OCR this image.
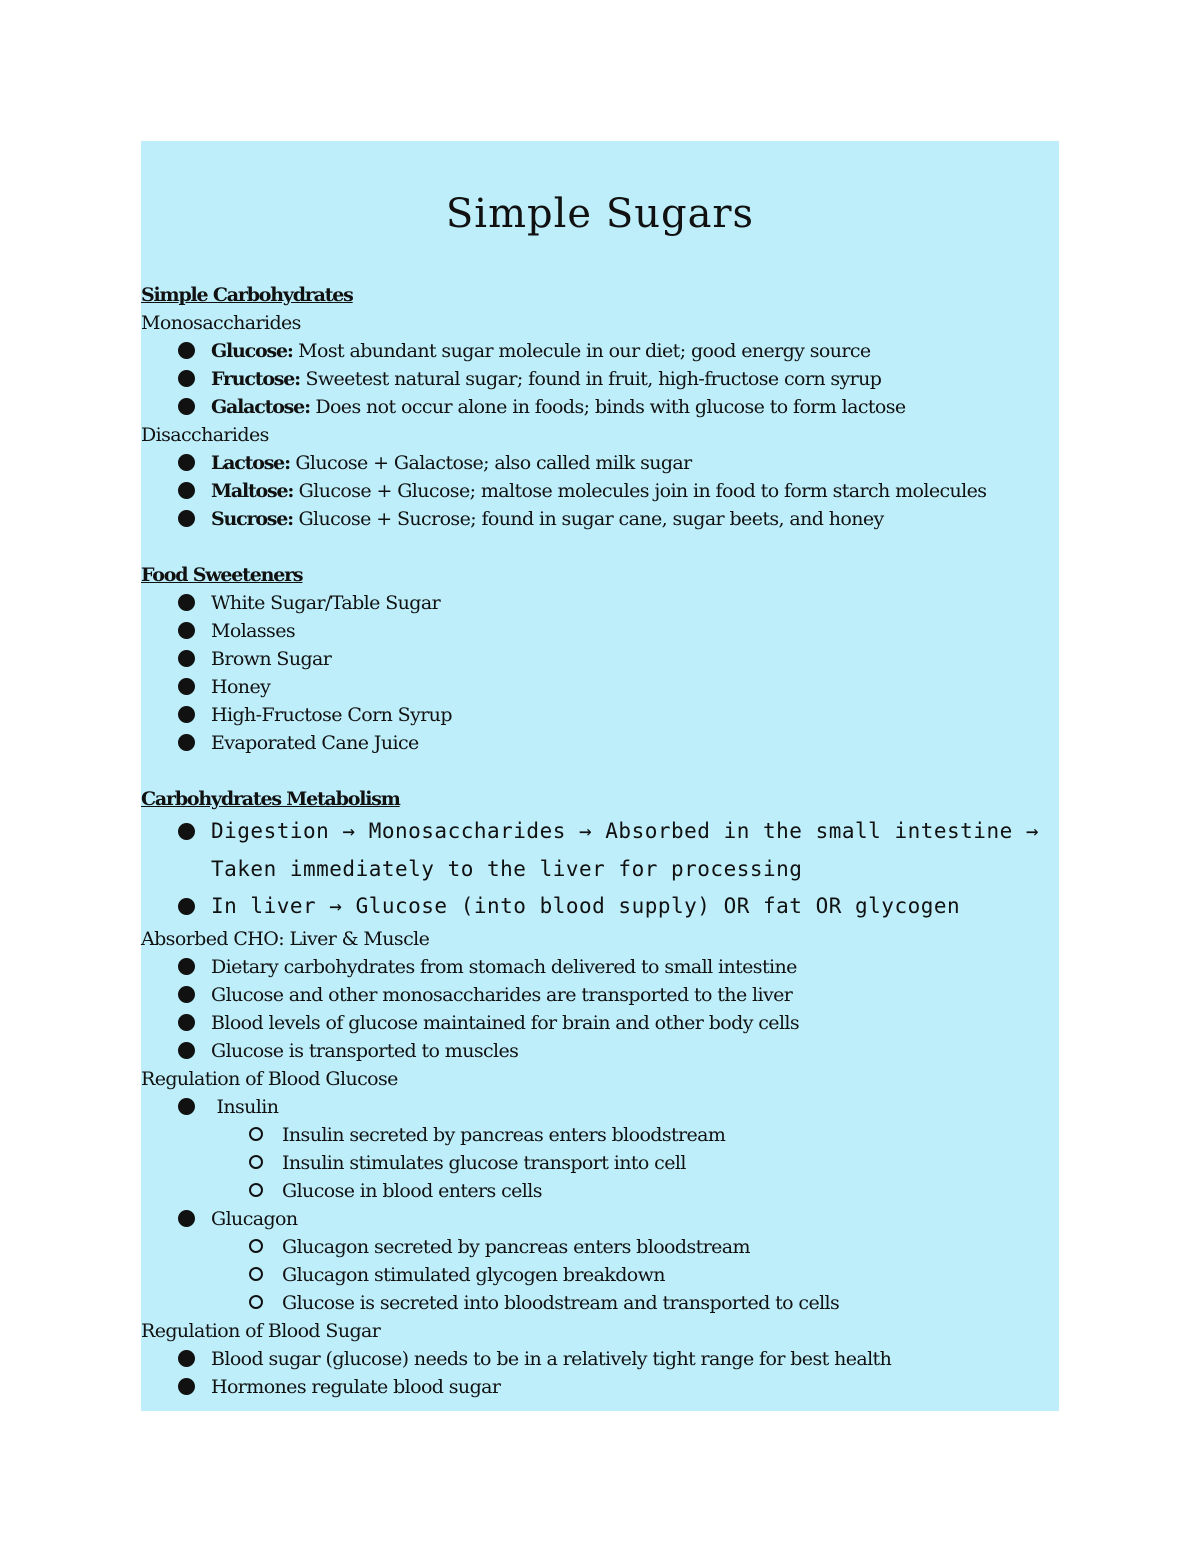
Simple Sugars
Simple Carbohydrates
Monosaccharides
Glucose: Most abundant sugar molecule in our diet; good energy source
Fructose: Sweetest natural sugar; found in fruit, high-fructose corn syrup
Galactose: Does not occur alone in foods; binds with glucose to form lactose
Disaccharides
Lactose: Glucose + Galactose; also called milk sugar
Maltose: Glucose + Glucose; maltose molecules join in food to form starch molecules
Sucrose: Glucose + Sucrose; found in sugar cane, sugar beets, and honey
Food Sweeteners
White Sugar/Table Sugar
Molasses
Brown Sugar
Honey
High-Fructose Corn Syrup
Evaporated Cane Juice
Carbohydrates Metabolism
Digestion → Monosaccharides → Absorbed in the small intestine →
Taken immediately to the liver for processing
In liver → Glucose (into blood supply) OR fat OR glycogen
Absorbed CHO: Liver & Muscle
Dietary carbohydrates from stomach delivered to small intestine
Glucose and other monosaccharides are transported to the liver
Blood levels of glucose maintained for brain and other body cells
Glucose is transported to muscles
Regulation of Blood Glucose
Insulin
Insulin secreted by pancreas enters bloodstream
Insulin stimulates glucose transport into cell
Glucose in blood enters cells
Glucagon
Glucagon secreted by pancreas enters bloodstream
Glucagon stimulated glycogen breakdown
Glucose is secreted into bloodstream and transported to cells
Regulation of Blood Sugar
Blood sugar (glucose) needs to be in a relatively tight range for best health
Hormones regulate blood sugar
